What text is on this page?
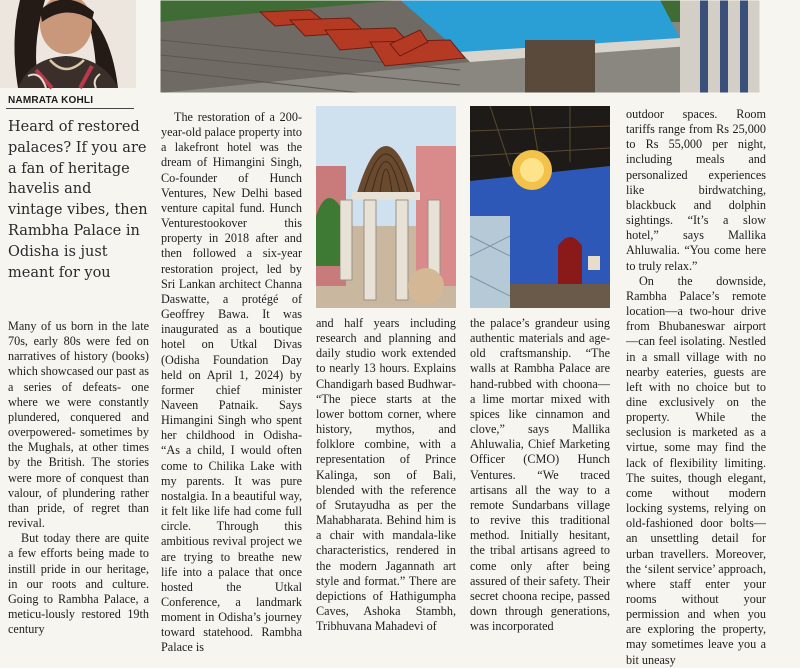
NAMRATA KOHLI
Heard of restored palaces? If you are a fan of heritage havelis and vintage vibes, then Rambha Palace in Odisha is just meant for you

Many of us born in the late 70s, early 80s were fed on narratives of history (books) which showcased our past as a series of defeats- one where we were constantly plundered, conquered and overpowered- sometimes by the Mughals, at other times by the British. The stories were more of conquest than valour, of plundering rather than pride, of regret than revival.

But today there are quite a few efforts being made to instill pride in our heritage, in our roots and culture. Going to Rambha Palace, a meticu-lously restored 19th century

The restoration of a 200-year-old palace property into a lakefront hotel was the dream of Himangini Singh, Co-founder of Hunch Ventures, New Delhi based venture capital fund. Hunch Venturestookover this property in 2018 after and then followed a six-year restoration project, led by Sri Lankan architect Channa Daswatte, a protégé of Geoffrey Bawa. It was inaugurated as a boutique hotel on Utkal Divas (Odisha Foundation Day held on April 1, 2024) by former chief minister Naveen Patnaik. Says Himangini Singh who spent her childhood in Odisha- “As a child, I would often come to Chilika Lake with my parents. It was pure nostalgia. In a beautiful way, it felt like life had come full circle. Through this ambitious revival project we are trying to breathe new life into a palace that once hosted the Utkal Conference, a landmark moment in Odisha’s journey toward statehood. Rambha Palace is

and half years including research and planning and daily studio work extended to nearly 13 hours. Explains Chandigarh based Budhwar- “The piece starts at the lower bottom corner, where history, mythos, and folklore combine, with a representation of Prince Kalinga, son of Bali, blended with the reference of Srutayudha as per the Mahabharata. Behind him is a chair with mandala-like characteristics, rendered in the modern Jagannath art style and format.” There are depictions of Hathigumpha Caves, Ashoka Stambh, Tribhuvana Mahadevi of

the palace’s grandeur using authentic materials and age-old craftsmanship. “The walls at Rambha Palace are hand-rubbed with choona— a lime mortar mixed with spices like cinnamon and clove,” says Mallika Ahluwalia, Chief Marketing Officer (CMO) Hunch Ventures. “We traced artisans all the way to a remote Sundarbans village to revive this traditional method. Initially hesitant, the tribal artisans agreed to come only after being assured of their safety. Their secret choona recipe, passed down through generations, was incorporated

outdoor spaces. Room tariffs range from Rs 25,000 to Rs 55,000 per night, including meals and personalized experiences like birdwatching, blackbuck and dolphin sightings. “It’s a slow hotel,” says Mallika Ahluwalia. “You come here to truly relax.”

On the downside, Rambha Palace’s remote location—a two-hour drive from Bhubaneswar airport—can feel isolating. Nestled in a small village with no nearby eateries, guests are left with no choice but to dine exclusively on the property. While the seclusion is marketed as a virtue, some may find the lack of flexibility limiting. The suites, though elegant, come without modern locking systems, relying on old-fashioned door bolts—an unsettling detail for urban travellers. Moreover, the ‘silent service’ approach, where staff enter your rooms without your permission and when you are exploring the property, may sometimes leave you a bit uneasy
